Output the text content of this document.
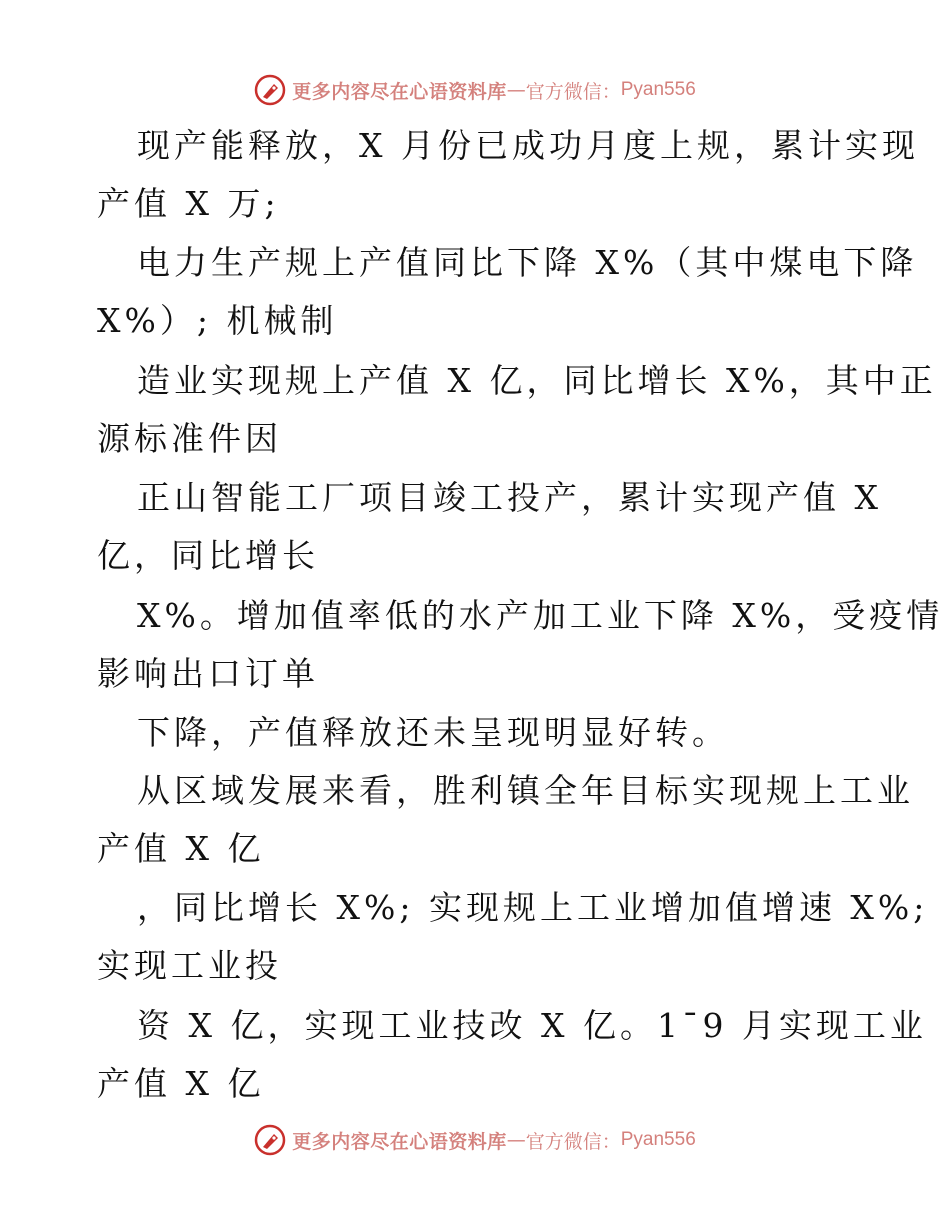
更多内容尽在心语资料库 — 官方微信： Pyan556
现产能释放，X 月份已成功月度上规，累计实现
产值 X 万;
电力生产规上产值同比下降 X%（其中煤电下降
X%）; 机械制
造业实现规上产值 X 亿，同比增长 X%，其中正
源标准件因
正山智能工厂项目竣工投产，累计实现产值 X
亿，同比增长
X%。增加值率低的水产加工业下降 X%，受疫情
影响出口订单
下降，产值释放还未呈现明显好转。
从区域发展来看，胜利镇全年目标实现规上工业
产值 X 亿
，同比增长 X%; 实现规上工业增加值增速 X%;
实现工业投
资 X 亿，实现工业技改 X 亿。1¯9 月实现工业
产值 X 亿
更多内容尽在心语资料库 — 官方微信： Pyan556
